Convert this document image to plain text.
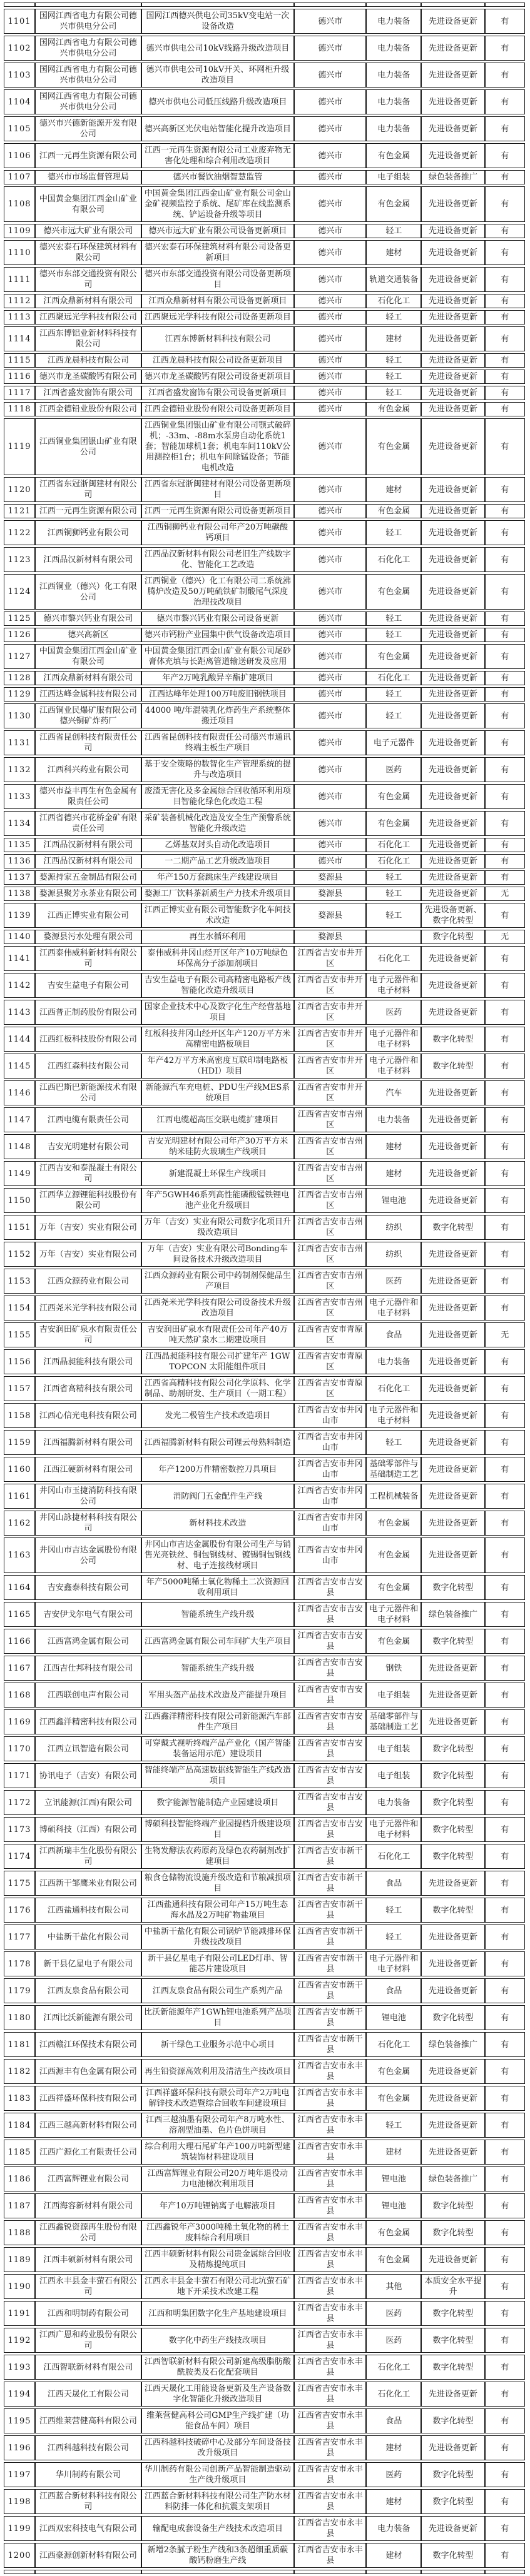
1101	国网江西省电力有限公司德兴市供电分公司	国网江西德兴供电公司35kV变电站一次设备改造	德兴市	电力装备	先进设备更新	有
1102	国网江西省电力有限公司德兴市供电分公司	德兴市供电公司10kV线路升级改造项目	德兴市	电力装备	先进设备更新	有
1103	国网江西省电力有限公司德兴市供电分公司	德兴市供电公司10kV开关、环网柜升级改造项目	德兴市	电力装备	先进设备更新	有
1104	国网江西省电力有限公司德兴市供电分公司	德兴市供电公司低压线路升级改造项目	德兴市	电力装备	先进设备更新	有
1105	德兴市兴德新能源开发有限公司	德兴高新区光伏电站智能化提升改造项目	德兴市	电力装备	先进设备更新	有
1106	江西一元再生资源有限公司	江西一元再生资源有限公司工业废弃物无害化处理和综合利用改造项目	德兴市	有色金属	先进设备更新	有
1107	德兴市市场监督管理局	德兴市餐饮油烟智慧监管	德兴市	电子组装	绿色装备推广	有
1108	中国黄金集团江西金山矿业有限公司	中国黄金集团江西金山矿业有限公司金山金矿视频监控子系统、尾矿库在线监测系统、铲运设备升级等项目	德兴市	有色金属	先进设备更新	有
1109	德兴市远大矿业有限公司	德兴市远大矿业有限公司设备更新项目	德兴市	轻工	先进设备更新	有
1110	德兴宏泰石环保建筑材料有限公司	德兴宏泰石环保建筑材料有限公司设备更新项目	德兴市	建材	先进设备更新	有
1111	德兴市东部交通投资有限公司	德兴市东部交通投资有限公司设备更新项目	德兴市	轨道交通装备	先进设备更新	有
1112	江西众鼎新材料有限公司	江西众鼎新材料有限公司设备更新项目	德兴市	石化化工	先进设备更新	有
1113	江西聚远光学科技有限公司	江西聚远光学科技有限公司设备更新项目	德兴市	轻工	先进设备更新	有
1114	江西东博铝业新材料科技有限公司	江西东博新材料科技有限公司	德兴市	建材	先进设备更新	有
1115	江西龙晨科技有限公司	江西龙晨科技有限公司设备更新项目	德兴市	轻工	先进设备更新	有
1116	德兴市龙圣碳酸钙有限公司	德兴市龙圣碳酸钙有限公司设备更新项目	德兴市	轻工	先进设备更新	有
1117	江西省盛发窗饰有限公司	江西省盛发窗饰有限公司设备更新项目	德兴市	轻工	先进设备更新	有
1118	江西金德铅业股份有限公司	江西金德铅业股份有限公司设备更新项目	德兴市	有色金属	先进设备更新	有
1119	江西铜业集团银山矿业有限公司	江西铜业集团银山矿业有限公司颚式破碎机；-33m、-88m水泵房自动化系统1套；智能加球机1套；机电车间110kV公用测控柜1台；机电车间除锰设备；节能电机改造	德兴市	有色金属	先进设备更新	有
1120	江西省东冠浙闽建材有限公司	江西省东冠浙闽建材有限公司设备更新项目	德兴市	建材	先进设备更新	有
1121	江西一元再生资源有限公司	江西一元再生资源有限公司设备更新项目	德兴市	有色金属	先进设备更新	有
1122	江西铜狮钙业有限公司	江西铜狮钙业有限公司年产20万吨碳酸钙项目	德兴市	轻工	先进设备更新	有
1123	江西品汉新材料有限公司	江西品汉新材料有限公司老旧生产线数字化、智能化工艺改造	德兴市	石化化工	先进设备更新	有
1124	江西铜业（德兴）化工有限公司	江西铜业（德兴）化工有限公司二系统沸腾炉改造及50万吨硫铁矿制酸尾气深度治理技改项目	德兴市	有色金属	先进设备更新	有
1125	德兴市黎兴钙业有限公司	德兴市黎兴钙业有限公司设备更新	德兴市	轻工	先进设备更新	有
1126	德兴高新区	德兴市钙粉产业园集中供气设备改造项目	德兴市	轻工	先进设备更新	有
1127	中国黄金集团江西金山矿业有限公司	中国黄金集团江西金山矿业有限公司尾砂膏体充填与长距离管道输送研发及应用	德兴市	有色金属	先进设备更新	有
1128	江西众鼎新材料有限公司	年产2万吨乳酸异辛酯扩建项目	德兴市	石化化工	先进设备更新	有
1129	江西达峰金属科技有限公司	江西达峰年处理100万吨废旧钢铁项目	德兴市	轻工	先进设备更新	有
1130	江西铜业民爆矿服有限公司德兴铜矿炸药厂	44000 吨/年混装乳化炸药生产系统整体搬迁项目	德兴市	轻工	先进设备更新	有
1131	江西省昆创科技有限责任公司	江西省昆创科技有限责任公司德兴市通讯终端主板生产项目	德兴市	电子元器件	先进设备更新	有
1132	江西科兴药业有限公司	基于安全策略的数智化生产管理系统的提升与改造项目	德兴市	医药	先进设备更新	有
1133	德兴市益丰再生有色金属有限责任公司	废渣无害化及多金属综合回收循环利用项目智能化绿色化改造工程	德兴市	有色金属	先进设备更新	有
1134	江西省德兴市花桥金矿有限责任公司	采矿装备机械化改造及安全生产预警系统智能化升级改造	德兴市	有色金属	先进设备更新	有
1135	江西品汉新材料有限公司	乙烯基双封头自动化改造项目	德兴市	石化化工	先进设备更新	有
1136	江西品汉新材料有限公司	一二期产品工艺升级改造项目	德兴市	石化化工	先进设备更新	有
1137	婺源持家五金制品有限公司	年产150万套跳床生产线建设项目	婺源县	轻工	先进设备更新	有
1138	婺源县聚芳永茶业有限公司	婺源工厂饮料茶新质生产力技术升级项目	婺源县	轻工	先进设备更新	无
1139	江西正博实业有限公司	江西正博实业有限公司智能数字化车间技术改造	婺源县	轻工	先进设备更新、数字化转型	有
1140	婺源县污水处理有限公司	再生水循环利用	婺源县		数字化转型	无
1141	江西泰伟威科新材料有限公司	泰伟威科井冈山经开区年产10万吨绿色环保高分子添加剂项目	江西省吉安市井开区	石化化工	先进设备更新	有
1142	吉安生益电子有限公司	吉安生益电子有限公司高精密电路板产线智能化改造升级项目	江西省吉安市井开区	电子元器件和电子材料	先进设备更新	有
1143	江西普正制药股份有限公司	国家企业技术中心及数字化生产经营基地项目	江西省吉安市井开区	医药	先进设备更新	有
1144	江西红板科技股份有限公司	红板科技井冈山经开区年产120万平方米高精密电路板项目	江西省吉安市井开区	电子元器件和电子材料	数字化转型	有
1145	江西红森科技有限公司	年产42万平方米高密度互联印制电路板（HDI）项目	江西省吉安市井开区	电子元器件和电子材料	数字化转型	有
1146	江西巴斯巴新能源技术有限公司	新能源汽车充电桩、PDU生产线MES系统项目	江西省吉安市井开区	汽车	先进设备更新	有
1147	江西电缆有限责任公司	江西电缆超高压交联电缆扩建项目	江西省吉安市吉州区	电力装备	先进设备更新	有
1148	吉安光明建材有限公司	吉安光明建材有限公司年产30万平方米纳米硅防火玻璃生产线项目	江西省吉安市吉州区	建材	先进设备更新	有
1149	江西吉安和泰混凝土有限公司	新建混凝土环保生产线项目	江西省吉安市吉州区	建材	先进设备更新	有
1150	江西华立源锂能科技股份有限公司	年产5GWH46系列高性能磷酸锰铁锂电池产业化升级项目	江西省吉安市吉州区	锂电池	先进设备更新	有
1151	万年（吉安）实业有限公司	万年（吉安）实业有限公司数字化项目升级改造项目	江西省吉安市吉州区	纺织	数字化转型	有
1152	万年（吉安）实业有限公司	万年（吉安）实业有限公司Bonding车间设备技术升级改造项目	江西省吉安市吉州区	纺织	先进设备更新	有
1153	江西众源药业有限公司	江西众源药业有限公司中药制剂保健品生产项目	江西省吉安市吉州区	医药	先进设备更新	有
1154	江西尧米光学科技有限公司	江西尧米光学科技有限公司设备技术升级改造项目	江西省吉安市吉州区	电子元器件和电子材料	先进设备更新	有
1155	吉安润田矿泉水有限责任公司	吉安润田矿泉水有限责任公司年产40万吨天然矿泉水二期建设项目	江西省吉安市青原区	食品	先进设备更新	无
1156	江西晶昶能科技有限公司	江西晶昶能科技有限公司扩建年产 1GW TOPCON 太阳能组件项目	江西省吉安市青原区	电力装备	先进设备更新	有
1157	江西省高精科技有限公司	江西省高精科技有限公司化学原料、化学制品、助剂研发、生产项目（一期工程）	江西省吉安市青原区	石化化工	先进设备更新	有
1158	江西心信光电科技有限公司	发光二极管生产技术改造项目	江西省吉安市井冈山市	电子元器件和电子材料	先进设备更新	有
1159	江西福腾新材料有限公司	江西福腾新材料有限公司锂云母熟料制造	江西省吉安市井冈山市	轻工	先进设备更新	有
1160	江西江硬新材料有限公司	年产1200万件精密数控刀具项目	江西省吉安市井冈山市	基础零部件与基础制造工艺	先进设备更新	有
1161	井冈山市玉捷消防科技有限公司	消防阀门五金配件生产线	江西省吉安市井冈山市	工程机械装备	先进设备更新	有
1162	井冈山詠捷材料科技有限公司	新材料技术改造	江西省吉安市井冈山市	有色金属	先进设备更新	有
1163	井冈山市吉达金属股份有限公司	井冈山市吉达金属股份有限公司生产与销售光亮铁丝、铜包钢线材、镀锡铜包钢线材、电子连接线材项目	江西省吉安市井冈山市	有色金属	先进设备更新	有
1164	吉安鑫泰科技有限公司	年产5000吨稀土氧化物稀土二次资源回收利用项目	江西省吉安市吉安县	有色金属	数字化转型	有
1165	吉安伊戈尔电气有限公司	智能系统生产线升级	江西省吉安市吉安县	电子元器件和电子材料	绿色装备推广	有
1166	江西富鸿金属有限公司	江西富鸿金属有限公司车间扩大生产项目	江西省吉安市吉安县	有色金属	数字化转型	有
1167	江西吉仕邦科技有限公司	智能系统生产线升级	江西省吉安市吉安县	钢铁	先进设备更新	有
1168	江西联创电声有限公司	军用头盔产品技术改造及产能提升项目	江西省吉安市吉安县	电子组装	先进设备更新	有
1169	江西鑫洋精密科技有限公司	江西鑫洋精密科技有限公司新能源汽车部件生产项目	江西省吉安市吉安县	基础零部件与基础制造工艺	先进设备更新	有
1170	江西立讯智造有限公司	可穿戴式视听终端产品产业化（国产智能装备运用示范）建设项目	江西省吉安市吉安县	电子组装	数字化转型	有
1171	协讯电子（吉安）有限公司	智能终端产品高速数据线智能生产线改造项目	江西省吉安市吉安县	电子组装	数字化转型	有
1172	立讯能源(江西)有限公司	数字能源智能制造产业园建设项目	江西省吉安市吉安县	电力装备	数字化转型	有
1173	博硕科技（江西）有限公司	博硕科技智能终端产业园提档升级建设项目	江西省吉安市吉安县	电子元器件和电子材料	数字化转型	有
1174	江西新瑞丰生化股份有限公司	生物发酵法农药原药及绿色农药制剂改扩建项目	江西省吉安市新干县	石化化工	数字化转型	有
1175	江西新干邹鹰米业有限公司	粮食仓储物流设施升级改造和节粮减损项目	江西省吉安市新干县	食品	先进设备更新	有
1176	江西盐通科技有限公司	江西盐通科技有限公司年产15万吨生态海水晶及2万吨矿物盐项目	江西省吉安市新干县	轻工	数字化转型	有
1177	中盐新干盐化有限公司	中盐新干盐化有限公司锅炉节能减排环保升级技改项目	江西省吉安市新干县	轻工	先进设备更新	有
1178	新干县亿星电子有限公司	新干县亿星电子有限公司LED灯串、智能芯片建设项目	江西省吉安市新干县	电子元器件和电子材料	先进设备更新	有
1179	江西友泉食品有限公司	江西友泉食品有限公司生产系列产品	江西省吉安市新干县	食品	先进设备更新	有
1180	江西比沃新能源有限公司	比沃新能源年产1GWh锂电池系列产品项目	江西省吉安市新干县	锂电池	数字化转型	有
1181	江西赣江环保技术有限公司	新干绿色工业服务示范中心项目	江西省吉安市新干县	石化化工	绿色装备推广	有
1182	江西源丰有色金属有限公司	再生铅资源高效利用及清洁生产技改项目	江西省吉安市永丰县	有色金属	先进设备更新	有
1183	江西祥盛环保科技有限公司	江西祥盛环保科技有限公司年产2万吨电解锌技术改造暨综合回收车间建设项目	江西省吉安市永丰县	有色金属	先进设备更新	有
1184	江西三越高新材料有限公司	江西三越油墨有限公司年产8万吨水性、溶剂型油墨、色片色饼项目	江西省吉安市永丰县	轻工	先进设备更新	有
1185	江西广源化工有限责任公司	综合利用大理石尾矿年产100万吨新型建筑装饰材料建设项目	江西省吉安市永丰县	建材	先进设备更新	有
1186	江西富辉锂业有限公司	江西富辉锂业有限公司20万吨年退役动力电池梯次利用项目	江西省吉安市永丰县	锂电池	绿色装备推广	有
1187	江西海容新材料有限公司	年产10万吨锂钠离子电解液项目	江西省吉安市永丰县	锂电池	数字化转型	有
1188	江西鑫锐资源再生股份有限公司	江西鑫锐年产3000吨稀土氧化物的稀土废料综合利用项目	江西省吉安市永丰县	有色金属	数字化转型	有
1189	江西丰硕新材料有限公司	江西丰硕新材料有限公司贵金属综合回收及精炼提纯项目	江西省吉安市永丰县	有色金属	先进设备更新	有
1190	江西永丰县金丰萤石有限公司	江西永丰县金丰萤石有限公司北坑萤石矿地下开采技术改建工程	江西省吉安市永丰县	其他	本质安全水平提升	有
1191	江西和明制药有限公司	江西和明集团数字化生产基地建设项目	江西省吉安市永丰县	医药	数字化转型	有
1192	江西广恩和药业股份有限公司	数字化中药生产线技改项目	江西省吉安市永丰县	医药	数字化转型	有
1193	江西智联新材料有限公司	江西智联新材料有限公司新建高级脂肪酸酰胺类及石化配套项目	江西省吉安市永丰县	石化化工	数字化转型	有
1194	江西天晟化工有限公司	江西天晟化工用能设备更新及生产设备数字化智能化升级改造项目	江西省吉安市永丰县	石化化工	先进设备更新	有
1195	江西维莱营健高科有限公司	维莱营健高科公司GMP生产线扩建（功能食品车间）项目	江西省吉安市永丰县	食品	数字化转型	有
1196	江西科越科技有限公司	江西科越科技破碎中心及部分车间设备技改升级项目	江西省吉安市永丰县	建材	先进设备更新	有
1197	华川制药有限公司	华川制药有限公司创新产品智能制造驱动生产线升级项目	江西省吉安市永丰县	医药	数字化转型	有
1198	江西蓝合新材料科技有限公司	江西蓝合新材料科技有限公司生产防水材料防排一体化和抗震支架项目	江西省吉安市永丰县	建材	数字化转型	有
1199	江西双宏科技电气有限公司	输配电成套设备生产线技术改造项目	江西省吉安市永丰县	电力装备	先进设备更新	有
1200	江西豪源创新材料有限公司	新增2条腻子粉生产线和3条超细重质碳酸钙粉磨生产线	江西省吉安市永丰县	建材	数字化转型	有
